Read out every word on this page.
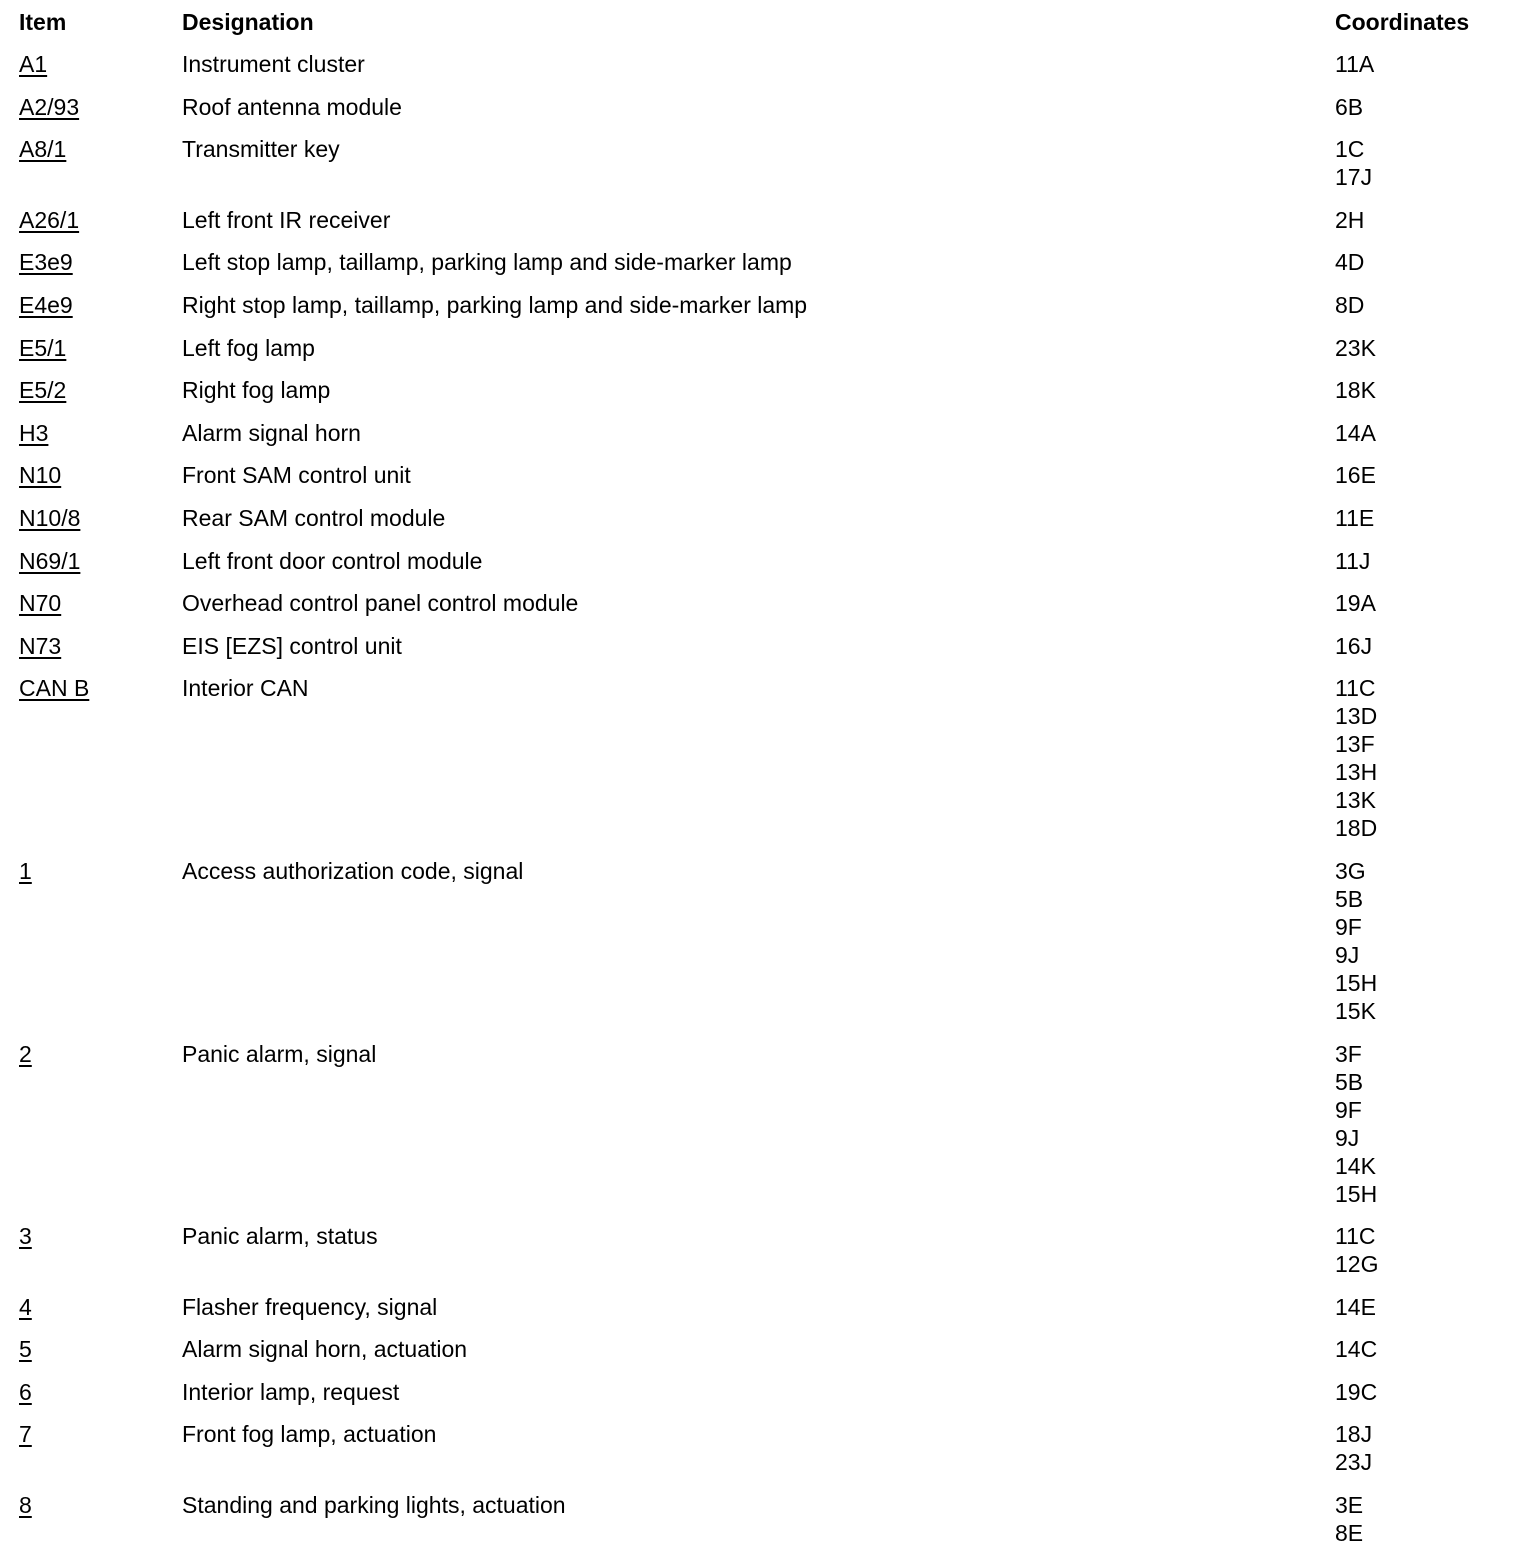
Item	Designation	Coordinates
A1	Instrument cluster	11A
A2/93	Roof antenna module	6B
A8/1	Transmitter key	1C
17J
A26/1	Left front IR receiver	2H
E3e9	Left stop lamp, taillamp, parking lamp and side-marker lamp	4D
E4e9	Right stop lamp, taillamp, parking lamp and side-marker lamp	8D
E5/1	Left fog lamp	23K
E5/2	Right fog lamp	18K
H3	Alarm signal horn	14A
N10	Front SAM control unit	16E
N10/8	Rear SAM control module	11E
N69/1	Left front door control module	11J
N70	Overhead control panel control module	19A
N73	EIS [EZS] control unit	16J
CAN B	Interior CAN	11C
13D
13F
13H
13K
18D
1	Access authorization code, signal	3G
5B
9F
9J
15H
15K
2	Panic alarm, signal	3F
5B
9F
9J
14K
15H
3	Panic alarm, status	11C
12G
4	Flasher frequency, signal	14E
5	Alarm signal horn, actuation	14C
6	Interior lamp, request	19C
7	Front fog lamp, actuation	18J
23J
8	Standing and parking lights, actuation	3E
8E
